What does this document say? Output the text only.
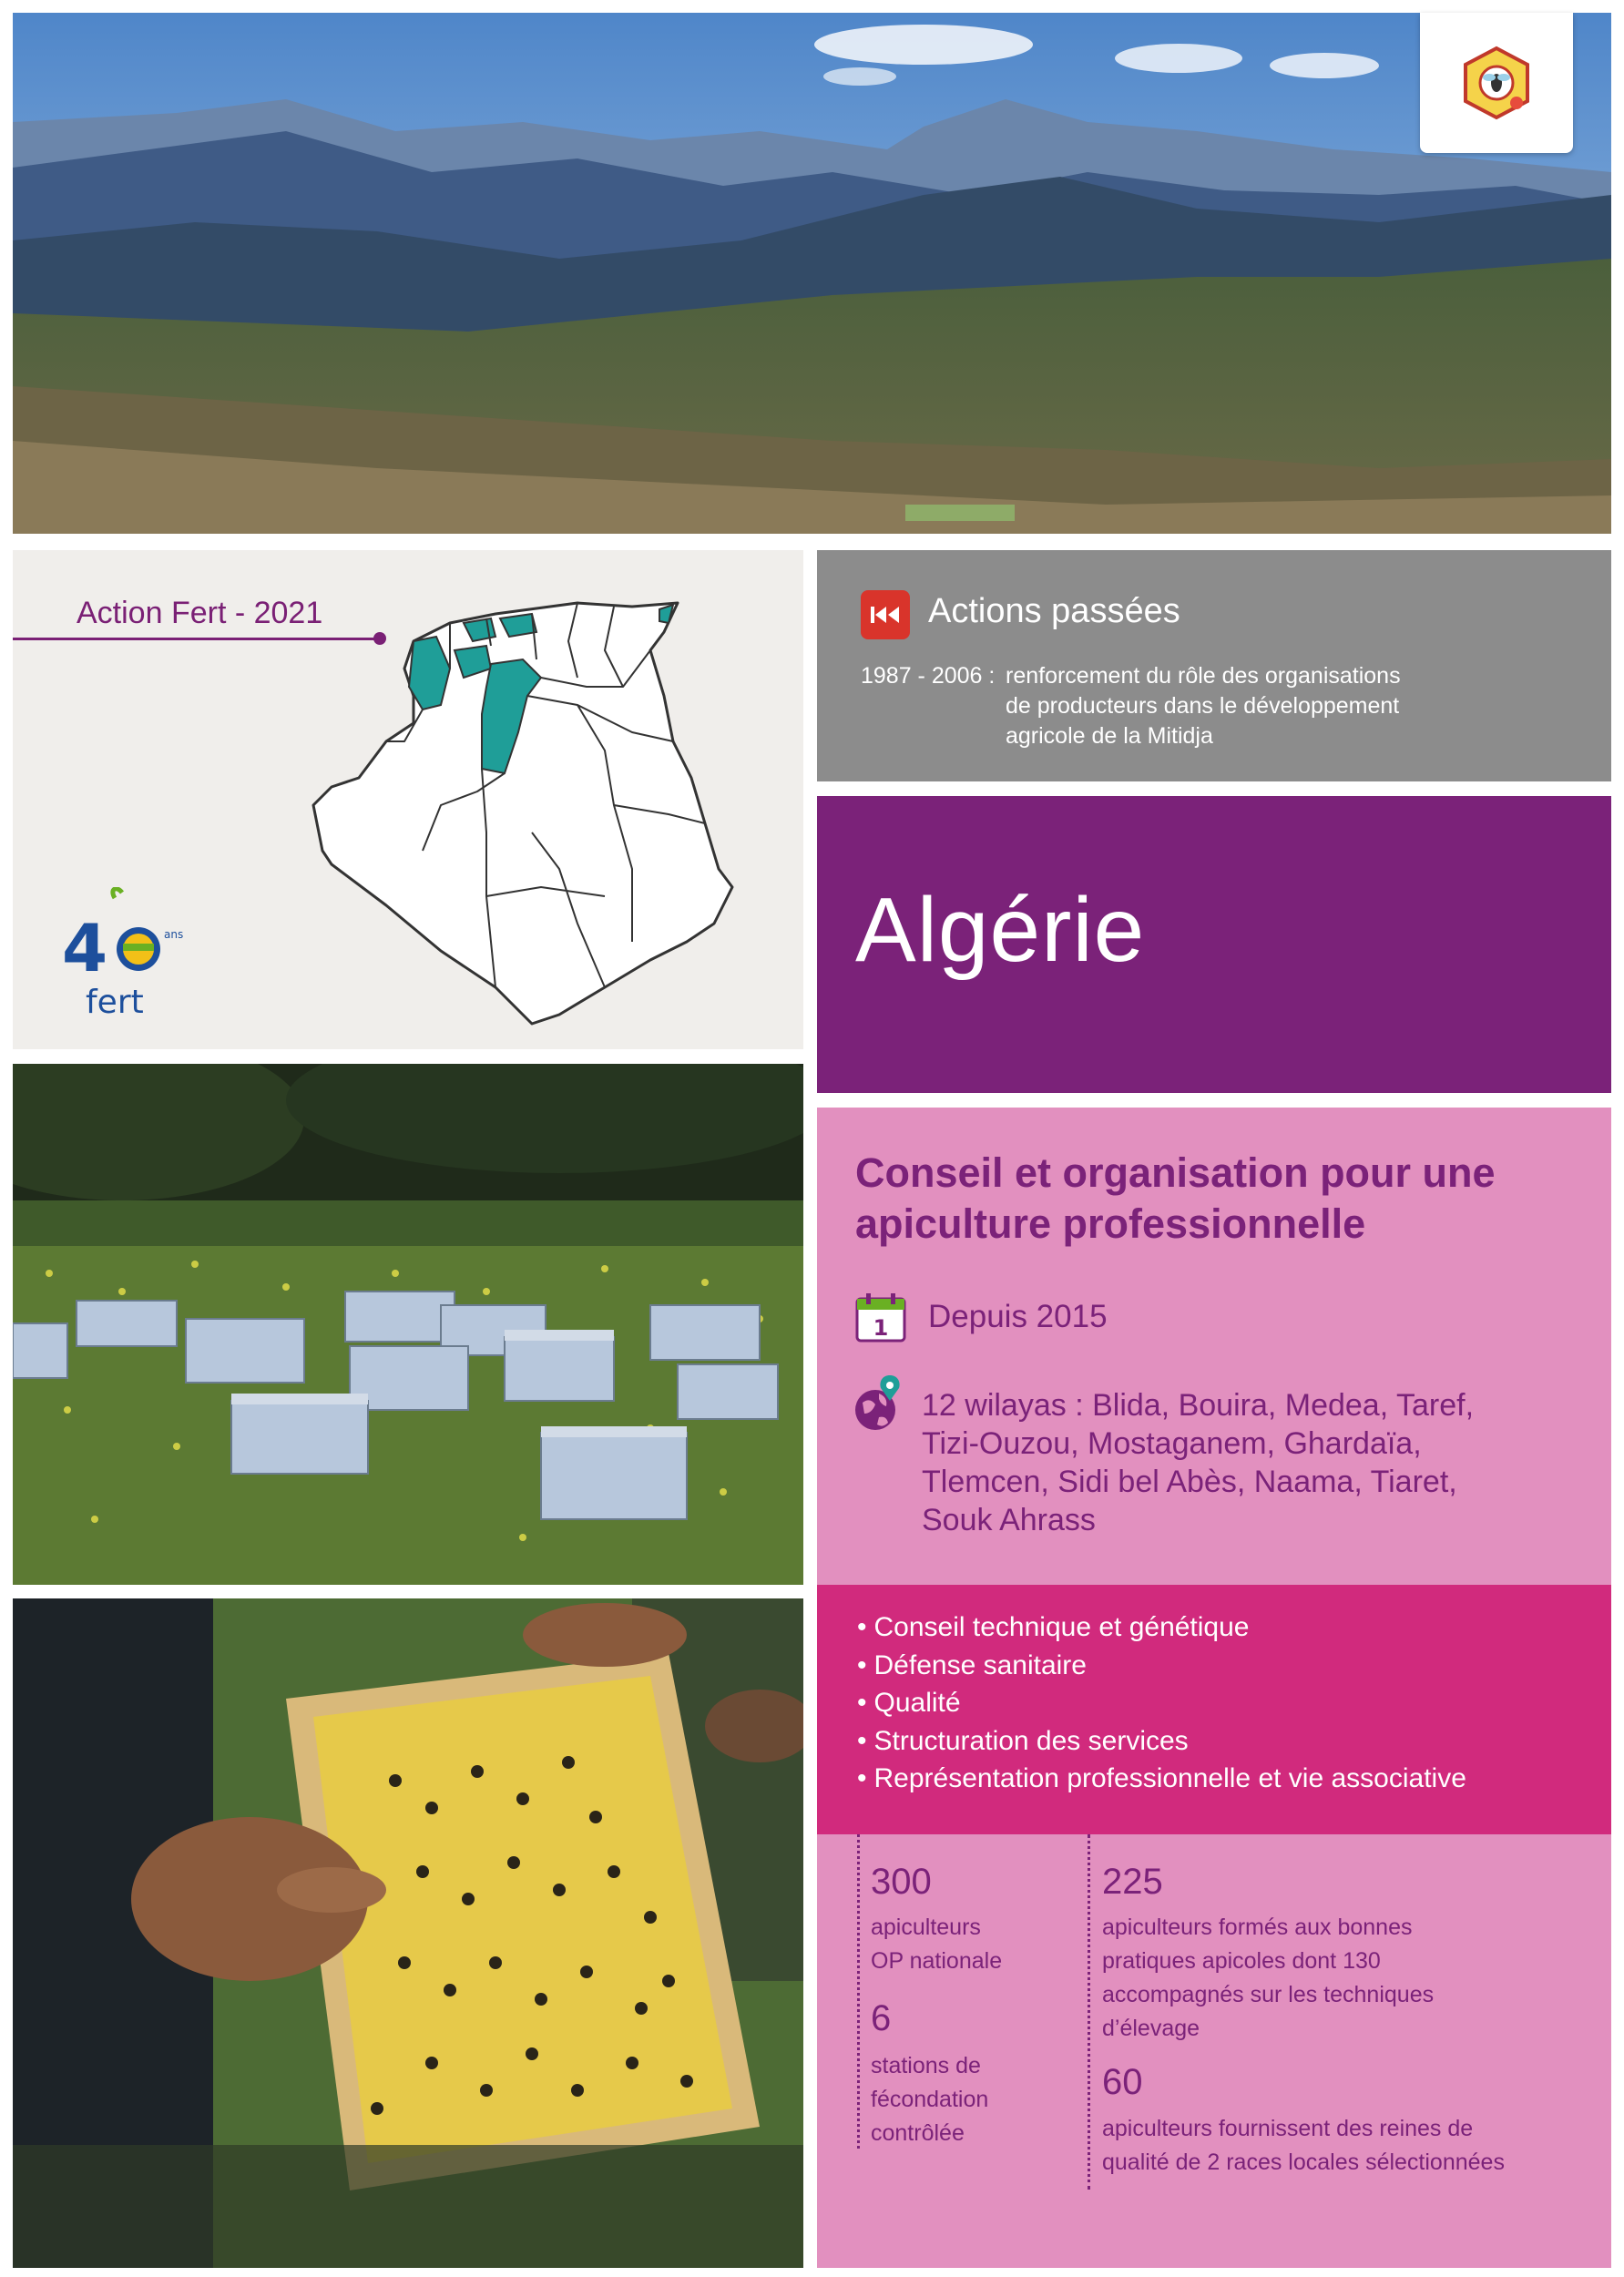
Action Fert - 2021
4	ans
fert
Actions passées
1987 - 2006 : renforcement du rôle des organisations
de producteurs dans le développement
agricole de la Mitidja
Algérie
Conseil et organisation pour une
apiculture professionnelle
1 Depuis 2015
12 wilayas : Blida, Bouira, Medea, Taref,
Tizi-Ouzou, Mostaganem, Ghardaïa,
Tlemcen, Sidi bel Abès, Naama, Tiaret,
Souk Ahrass
• Conseil technique et génétique
• Défense sanitaire
• Qualité
• Structuration des services
• Représentation professionnelle et vie associative
300
apiculteurs
OP nationale
6
stations de
fécondation
contrôlée
225
apiculteurs formés aux bonnes
pratiques apicoles dont 130
accompagnés sur les techniques
d’élevage
60
apiculteurs fournissent des reines de
qualité de 2 races locales sélectionnées
